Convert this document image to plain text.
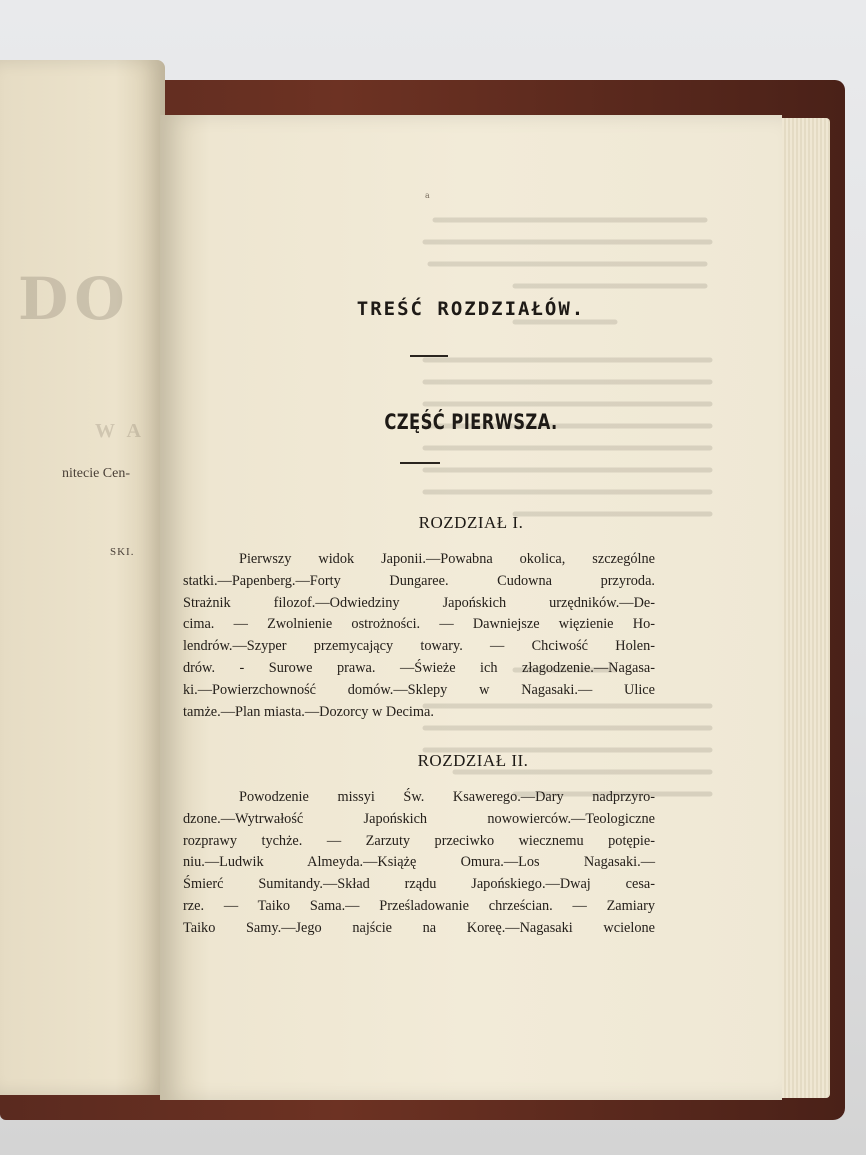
DO
W A
nitecie Cen-
SKI.
a
TREŚĆ ROZDZIAŁÓW.
CZĘŚĆ PIERWSZA.
ROZDZIAŁ I.
Pierwszy widok Japonii.—Powabna okolica, szczególne
statki.—Papenberg.—Forty Dungaree. Cudowna przyroda.
Strażnik filozof.—Odwiedziny Japońskich urzędników.—De-
cima. — Zwolnienie ostrożności. — Dawniejsze więzienie Ho-
lendrów.—Szyper przemycający towary. — Chciwość Holen-
drów. - Surowe prawa. —Świeże ich złagodzenie.—Nagasa-
ki.—Powierzchowność domów.—Sklepy w Nagasaki.— Ulice
tamże.—Plan miasta.—Dozorcy w Decima.
ROZDZIAŁ II.
Powodzenie missyi Św. Ksawerego.—Dary nadprzyro-
dzone.—Wytrwałość Japońskich nowowierców.—Teologiczne
rozprawy tychże. — Zarzuty przeciwko wiecznemu potępie-
niu.—Ludwik Almeyda.—Książę Omura.—Los Nagasaki.—
Śmierć Sumitandy.—Skład rządu Japońskiego.—Dwaj cesa-
rze. — Taiko Sama.— Prześladowanie chrześcian. — Zamiary
Taiko Samy.—Jego najście na Koreę.—Nagasaki wcielone
